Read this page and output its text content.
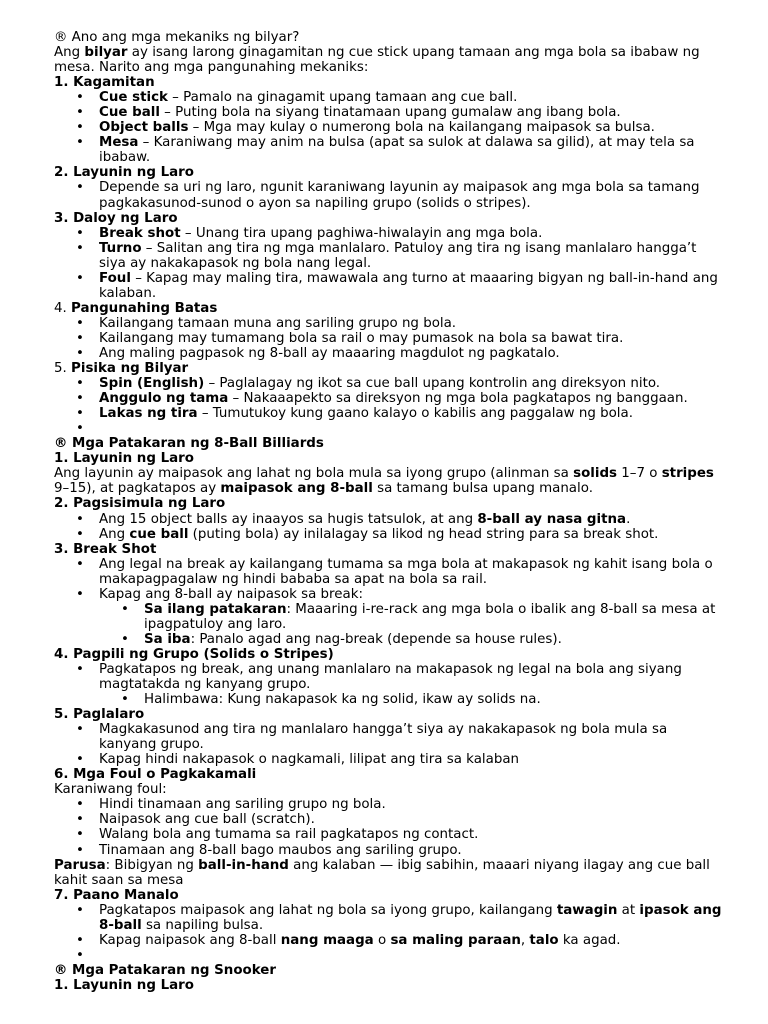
® Ano ang mga mekaniks ng bilyar?

Ang bilyar ay isang larong ginagamitan ng cue stick upang tamaan ang mga bola sa ibabaw ng mesa. Narito ang mga pangunahing mekaniks:

1. Kagamitan

• Cue stick – Pamalo na ginagamit upang tamaan ang cue ball.
• Cue ball – Puting bola na siyang tinatamaan upang gumalaw ang ibang bola.
• Object balls – Mga may kulay o numerong bola na kailangang maipasok sa bulsa.
• Mesa – Karaniwang may anim na bulsa (apat sa sulok at dalawa sa gilid), at may tela sa ibabaw.

2. Layunin ng Laro

• Depende sa uri ng laro, ngunit karaniwang layunin ay maipasok ang mga bola sa tamang pagkakasunod-sunod o ayon sa napiling grupo (solids o stripes).

3. Daloy ng Laro

• Break shot – Unang tira upang paghiwa-hiwalayin ang mga bola.
• Turno – Salitan ang tira ng mga manlalaro. Patuloy ang tira ng isang manlalaro hangga’t siya ay nakakapasok ng bola nang legal.
• Foul – Kapag may maling tira, mawawala ang turno at maaaring bigyan ng ball-in-hand ang kalaban.

4. Pangunahing Batas

• Kailangang tamaan muna ang sariling grupo ng bola.
• Kailangang may tumamang bola sa rail o may pumasok na bola sa bawat tira.
• Ang maling pagpasok ng 8-ball ay maaaring magdulot ng pagkatalo.

5. Pisika ng Bilyar

• Spin (English) – Paglalagay ng ikot sa cue ball upang kontrolin ang direksyon nito.
• Anggulo ng tama – Nakaaapekto sa direksyon ng mga bola pagkatapos ng banggaan.
• Lakas ng tira – Tumutukoy kung gaano kalayo o kabilis ang paggalaw ng bola.
•

® Mga Patakaran ng 8-Ball Billiards

1. Layunin ng Laro

Ang layunin ay maipasok ang lahat ng bola mula sa iyong grupo (alinman sa solids 1–7 o stripes 9–15), at pagkatapos ay maipasok ang 8-ball sa tamang bulsa upang manalo.

2. Pagsisimula ng Laro

• Ang 15 object balls ay inaayos sa hugis tatsulok, at ang 8-ball ay nasa gitna.
• Ang cue ball (puting bola) ay inilalagay sa likod ng head string para sa break shot.

3. Break Shot

• Ang legal na break ay kailangang tumama sa mga bola at makapasok ng kahit isang bola o makapagpagalaw ng hindi bababa sa apat na bola sa rail.
• Kapag ang 8-ball ay naipasok sa break:
• Sa ilang patakaran: Maaaring i-re-rack ang mga bola o ibalik ang 8-ball sa mesa at ipagpatuloy ang laro.
• Sa iba: Panalo agad ang nag-break (depende sa house rules).

4. Pagpili ng Grupo (Solids o Stripes)

• Pagkatapos ng break, ang unang manlalaro na makapasok ng legal na bola ang siyang magtatakda ng kanyang grupo.
• Halimbawa: Kung nakapasok ka ng solid, ikaw ay solids na.

5. Paglalaro

• Magkakasunod ang tira ng manlalaro hangga’t siya ay nakakapasok ng bola mula sa kanyang grupo.
• Kapag hindi nakapasok o nagkamali, lilipat ang tira sa kalaban

6. Mga Foul o Pagkakamali

Karaniwang foul:

• Hindi tinamaan ang sariling grupo ng bola.
• Naipasok ang cue ball (scratch).
• Walang bola ang tumama sa rail pagkatapos ng contact.
• Tinamaan ang 8-ball bago maubos ang sariling grupo.

Parusa: Bibigyan ng ball-in-hand ang kalaban — ibig sabihin, maaari niyang ilagay ang cue ball kahit saan sa mesa

7. Paano Manalo

• Pagkatapos maipasok ang lahat ng bola sa iyong grupo, kailangang tawagin at ipasok ang 8-ball sa napiling bulsa.
• Kapag naipasok ang 8-ball nang maaga o sa maling paraan, talo ka agad.
•

® Mga Patakaran ng Snooker

1. Layunin ng Laro
